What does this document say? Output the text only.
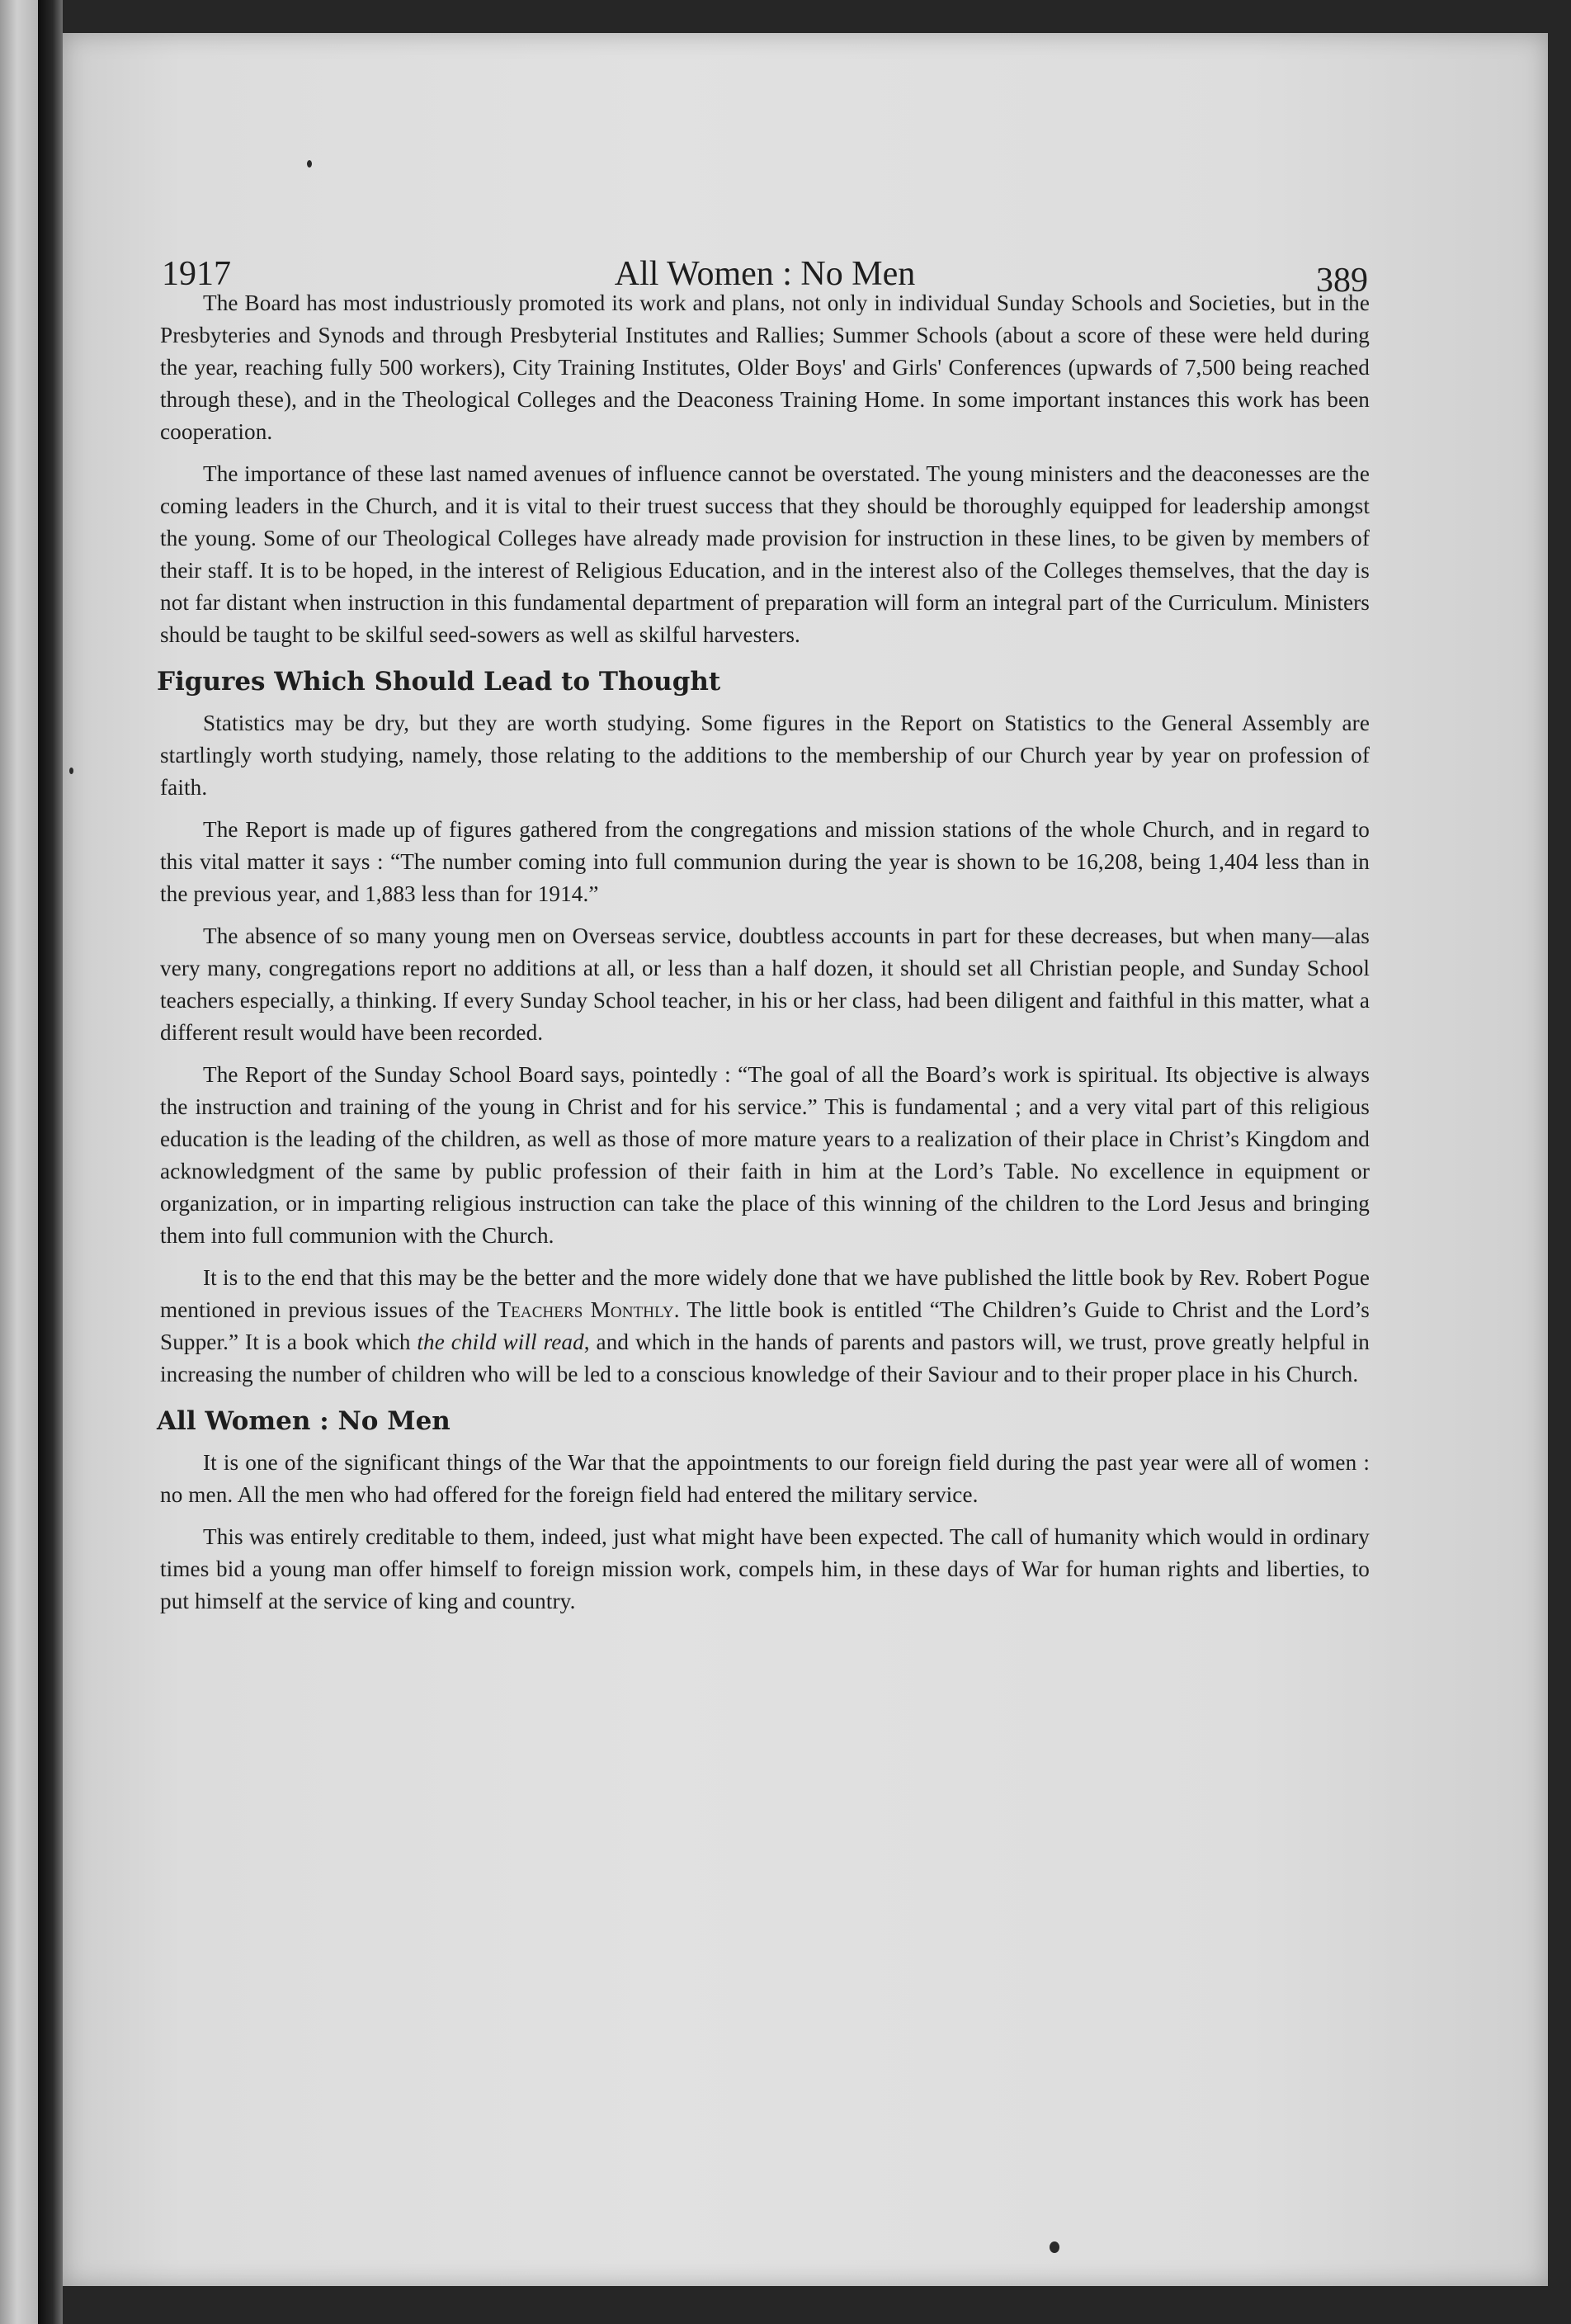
1917	All Women : No Men	389

The Board has most industriously promoted its work and plans, not only in individual Sunday Schools and Societies, but in the Presbyteries and Synods and through Presbyterial Institutes and Rallies; Summer Schools (about a score of these were held during the year, reaching fully 500 workers), City Training Institutes, Older Boys' and Girls' Conferences (upwards of 7,500 being reached through these), and in the Theological Colleges and the Deaconess Training Home. In some important instances this work has been cooperation.

The importance of these last named avenues of influence cannot be overstated. The young ministers and the deaconesses are the coming leaders in the Church, and it is vital to their truest success that they should be thoroughly equipped for leadership amongst the young. Some of our Theological Colleges have already made provision for instruction in these lines, to be given by members of their staff. It is to be hoped, in the interest of Religious Education, and in the interest also of the Colleges themselves, that the day is not far distant when instruction in this fundamental department of preparation will form an integral part of the Curriculum. Ministers should be taught to be skilful seed-sowers as well as skilful harvesters.

Figures Which Should Lead to Thought

Statistics may be dry, but they are worth studying. Some figures in the Report on Statistics to the General Assembly are startlingly worth studying, namely, those relating to the additions to the membership of our Church year by year on profession of faith.

The Report is made up of figures gathered from the congregations and mission stations of the whole Church, and in regard to this vital matter it says : “The number coming into full communion during the year is shown to be 16,208, being 1,404 less than in the previous year, and 1,883 less than for 1914.”

The absence of so many young men on Overseas service, doubtless accounts in part for these decreases, but when many—alas very many, congregations report no additions at all, or less than a half dozen, it should set all Christian people, and Sunday School teachers especially, a thinking. If every Sunday School teacher, in his or her class, had been diligent and faithful in this matter, what a different result would have been recorded.

The Report of the Sunday School Board says, pointedly : “The goal of all the Board’s work is spiritual. Its objective is always the instruction and training of the young in Christ and for his service.” This is fundamental ; and a very vital part of this religious education is the leading of the children, as well as those of more mature years to a realization of their place in Christ’s Kingdom and acknowledgment of the same by public profession of their faith in him at the Lord’s Table. No excellence in equipment or organization, or in imparting religious instruction can take the place of this winning of the children to the Lord Jesus and bringing them into full communion with the Church.

It is to the end that this may be the better and the more widely done that we have published the little book by Rev. Robert Pogue mentioned in previous issues of the Teachers Monthly. The little book is entitled “The Children’s Guide to Christ and the Lord’s Supper.” It is a book which the child will read, and which in the hands of parents and pastors will, we trust, prove greatly helpful in increasing the number of children who will be led to a conscious knowledge of their Saviour and to their proper place in his Church.

All Women : No Men

It is one of the significant things of the War that the appointments to our foreign field during the past year were all of women : no men. All the men who had offered for the foreign field had entered the military service.

This was entirely creditable to them, indeed, just what might have been expected. The call of humanity which would in ordinary times bid a young man offer himself to foreign mission work, compels him, in these days of War for human rights and liberties, to put himself at the service of king and country.
